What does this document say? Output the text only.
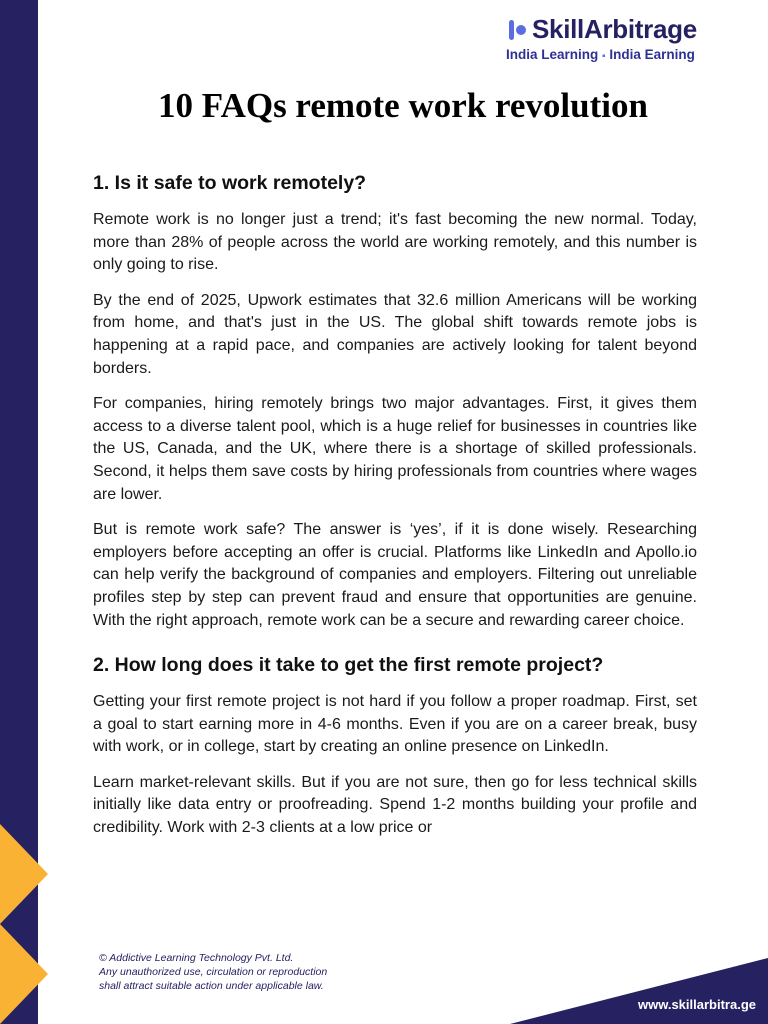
SkillArbitrage
India Learning ▪ India Earning
10 FAQs remote work revolution
1. Is it safe to work remotely?

Remote work is no longer just a trend; it's fast becoming the new normal. Today, more than 28% of people across the world are working remotely, and this number is only going to rise.

By the end of 2025, Upwork estimates that 32.6 million Americans will be working from home, and that's just in the US. The global shift towards remote jobs is happening at a rapid pace, and companies are actively looking for talent beyond borders.

For companies, hiring remotely brings two major advantages. First, it gives them access to a diverse talent pool, which is a huge relief for businesses in countries like the US, Canada, and the UK, where there is a shortage of skilled professionals. Second, it helps them save costs by hiring professionals from countries where wages are lower.

But is remote work safe? The answer is ‘yes’, if it is done wisely. Researching employers before accepting an offer is crucial. Platforms like LinkedIn and Apollo.io can help verify the background of companies and employers. Filtering out unreliable profiles step by step can prevent fraud and ensure that opportunities are genuine. With the right approach, remote work can be a secure and rewarding career choice.

2. How long does it take to get the first remote project?

Getting your first remote project is not hard if you follow a proper roadmap. First, set a goal to start earning more in 4-6 months. Even if you are on a career break, busy with work, or in college, start by creating an online presence on LinkedIn.

Learn market-relevant skills. But if you are not sure, then go for less technical skills initially like data entry or proofreading. Spend 1-2 months building your profile and credibility. Work with 2-3 clients at a low price or

© Addictive Learning Technology Pvt. Ltd.
Any unauthorized use, circulation or reproduction
shall attract suitable action under applicable law.
www.skillarbitra.ge
